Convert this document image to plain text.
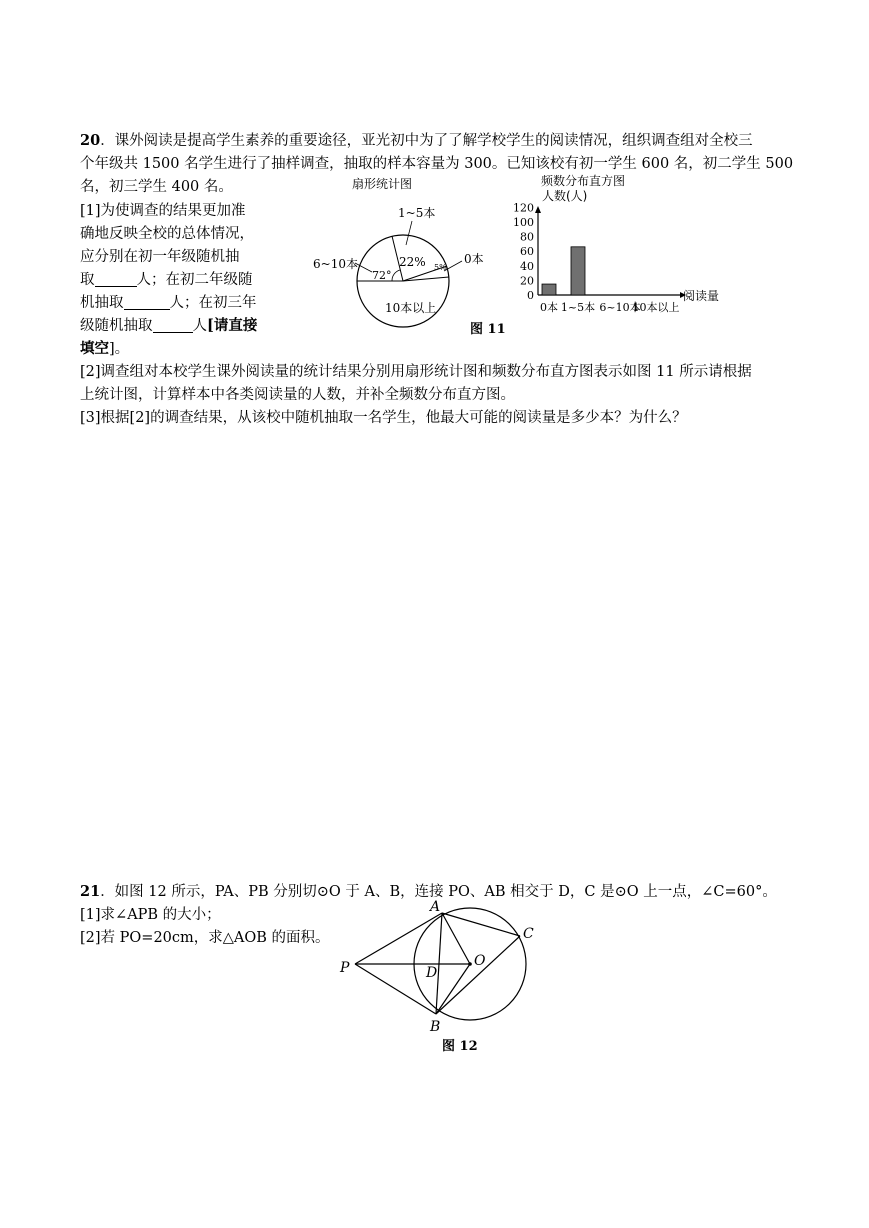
20．课外阅读是提高学生素养的重要途径，亚光初中为了了解学校学生的阅读情况，组织调查组对全校三
个年级共 1500 名学生进行了抽样调查，抽取的样本容量为 300。已知该校有初一学生 600 名，初二学生 500
名，初三学生 400 名。
[1]为使调查的结果更加准
确地反映全校的总体情况，
应分别在初一年级随机抽
取	人；在初二年级随
机抽取	人；在初三年
级随机抽取	人[请直接
填空]。
[2]调查组对本校学生课外阅读量的统计结果分别用扇形统计图和频数分布直方图表示如图 11 所示请根据
上统计图，计算样本中各类阅读量的人数，并补全频数分布直方图。
[3]根据[2]的调查结果，从该校中随机抽取一名学生，他最大可能的阅读量是多少本？为什么？
扇形统计图
1~5本
6~10本	0本
10本以上
22% 5%
72°
图 11
0
20
40
60
80
100
120
0本 1~5本 6~10本
10本以上
频数分布直方图
人数(人)
阅读量
21．如图 12 所示，PA、PB 分别切⊙O 于 A、B，连接 PO、AB 相交于 D，C 是⊙O 上一点，∠C=60°。
[1]求∠APB 的大小；
[2]若 PO=20cm，求△AOB 的面积。
A
B
C
D
O
P
图 12
